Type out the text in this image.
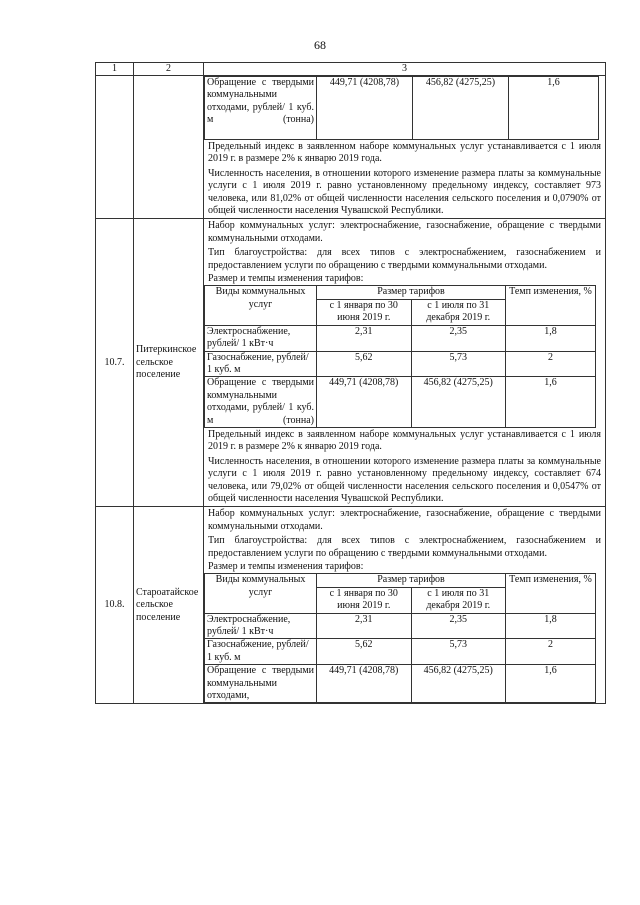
68
1	2	3

Обращение с твердыми коммунальными отходами, рублей/ 1 куб. м (тонна)	449,71 (4208,78)	456,82 (4275,25)	1,6
Предельный индекс в заявленном наборе коммунальных услуг устанавливается с 1 июля 2019 г. в размере 2% к январю 2019 года.
Численность населения, в отношении которого изменение размера платы за коммунальные услуги с 1 июля 2019 г. равно установленному предельному индексу, составляет 973 человека, или 81,02% от общей численности населения сельского поселения и 0,0790% от общей численности населения Чувашской Республики.

10.7.	Питеркинское сельское поселение	
Набор коммунальных услуг: электроснабжение, газоснабжение, обращение с твердыми коммунальными отходами.
Тип благоустройства: для всех типов с электроснабжением, газоснабжением и предоставлением услуги по обращению с твердыми коммунальными отходами.
Размер и темпы изменения тарифов:
Виды коммунальных услуг	Размер тарифов	Темп изменения, %
с 1 января по 30 июня 2019 г.	с 1 июля по 31 декабря 2019 г.
Электроснабжение, рублей/ 1 кВт·ч	2,31	2,35	1,8
Газоснабжение, рублей/ 1 куб. м	5,62	5,73	2
Обращение с твердыми коммунальными отходами, рублей/ 1 куб. м (тонна)	449,71 (4208,78)	456,82 (4275,25)	1,6
Предельный индекс в заявленном наборе коммунальных услуг устанавливается с 1 июля 2019 г. в размере 2% к январю 2019 года.
Численность населения, в отношении которого изменение размера платы за коммунальные услуги с 1 июля 2019 г. равно установленному предельному индексу, составляет 674 человека, или 79,02% от общей численности населения сельского поселения и 0,0547% от общей численности населения Чувашской Республики.

10.8.	Староатайское сельское поселение	
Набор коммунальных услуг: электроснабжение, газоснабжение, обращение с твердыми коммунальными отходами.
Тип благоустройства: для всех типов с электроснабжением, газоснабжением и предоставлением услуги по обращению с твердыми коммунальными отходами.
Размер и темпы изменения тарифов:
Виды коммунальных услуг	Размер тарифов	Темп изменения, %
с 1 января по 30 июня 2019 г.	с 1 июля по 31 декабря 2019 г.
Электроснабжение, рублей/ 1 кВт·ч	2,31	2,35	1,8
Газоснабжение, рублей/ 1 куб. м	5,62	5,73	2
Обращение с твердыми коммунальными отходами,	449,71 (4208,78)	456,82 (4275,25)	1,6
